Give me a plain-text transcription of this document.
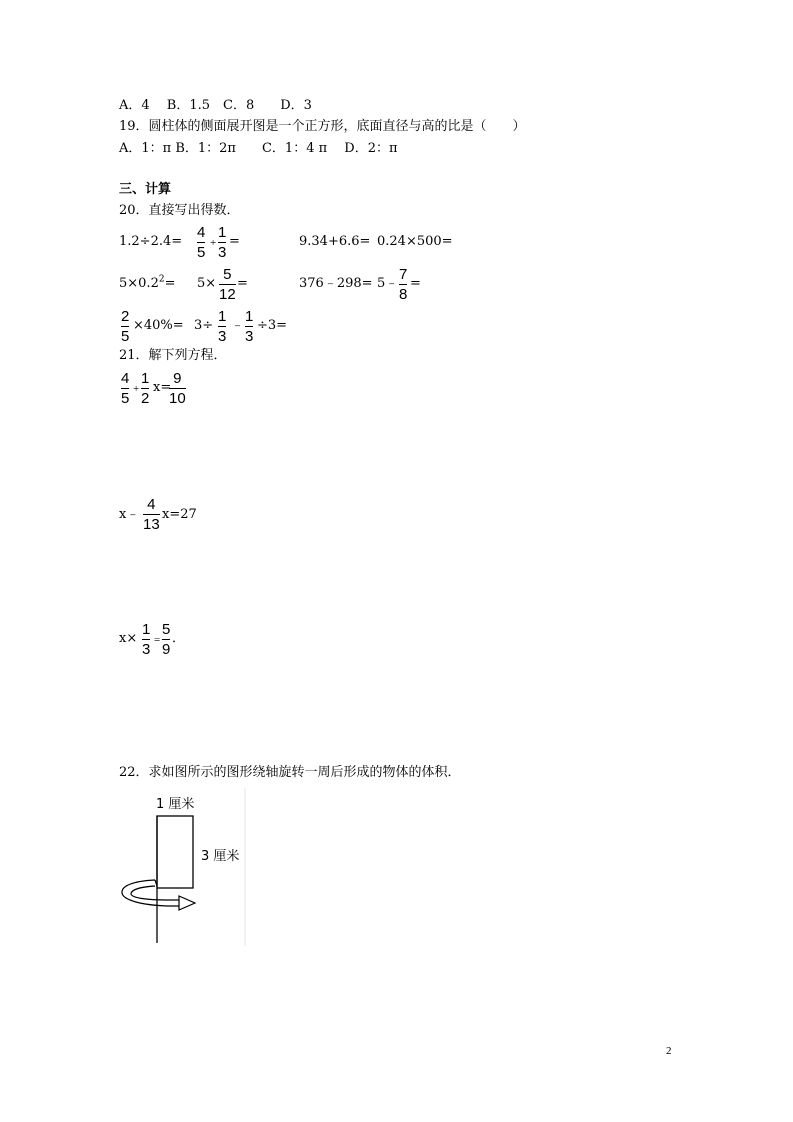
A．4　 B．1.5　C．8　　D．3
19．圆柱体的侧面展开图是一个正方形，底面直径与高的比是（　　）
A．1：π B．1：2π　　C．1：4 π　 D．2：π
三、计算
20．直接写出得数．
1.2÷2.4=
4
5
+
1
3
=	9.34+6.6= 0.24×500=
$5\times 0.2^2= 5\times$
5
12
=	376﹣298= 5﹣
7
8
=
2
5
×40%= 3÷
1
3
﹣
1
3
÷3=
21．解下列方程．
4
5
+
1
2
x=
9
10
x﹣
4
13
x=27
x×
1
3
=
5
9
．
22．求如图所示的图形绕轴旋转一周后形成的物体的体积．
1 厘米
3 厘米
2
